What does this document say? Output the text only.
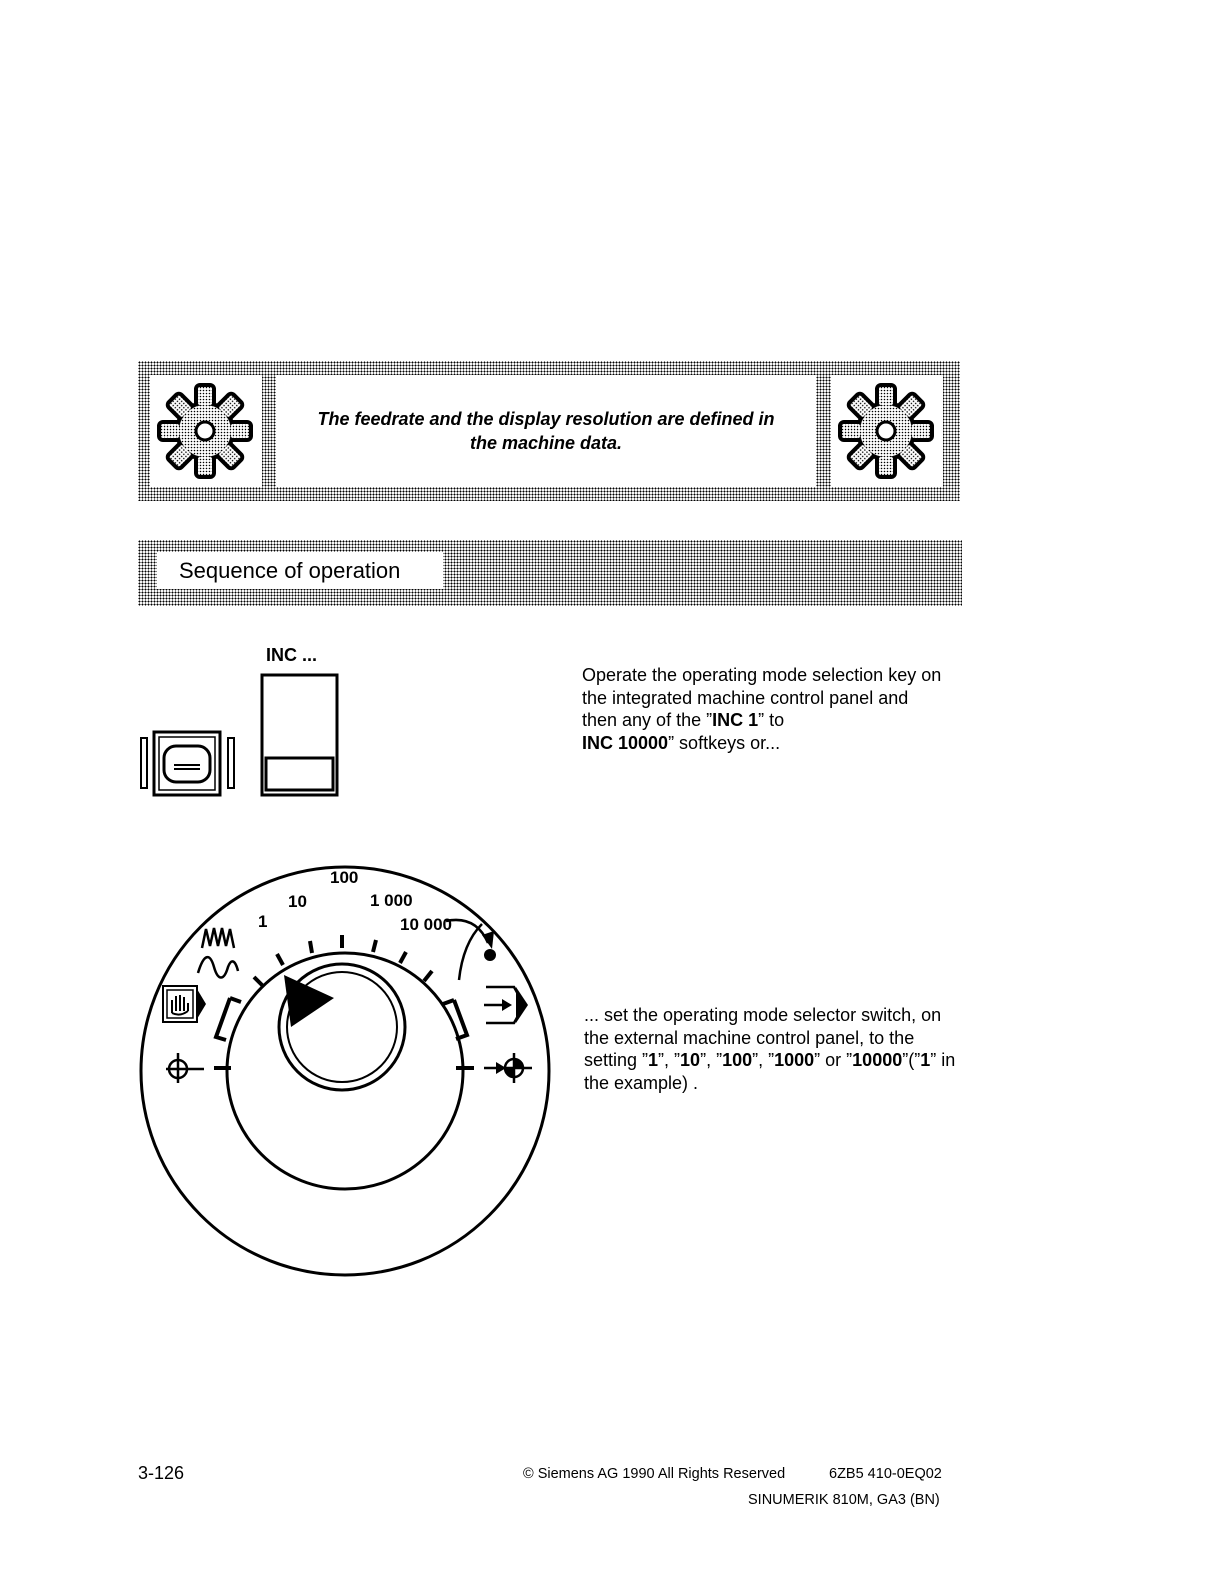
The feedrate and the display resolution are defined in
the machine data.
Sequence of operation
INC ...
Operate the operating mode selection key on the integrated machine control panel and then any of the ”INC 1” to
INC 10000” softkeys or...
1
10
100
1 000
10 000
... set the operating mode selector switch, on the external machine control panel, to the setting ”1”, ”10”, ”100”, ”1000” or ”10000”(”1” in the example) .
3-126	© Siemens AG 1990 All Rights Reserved	6ZB5 410-0EQ02
SINUMERIK 810M, GA3 (BN)
